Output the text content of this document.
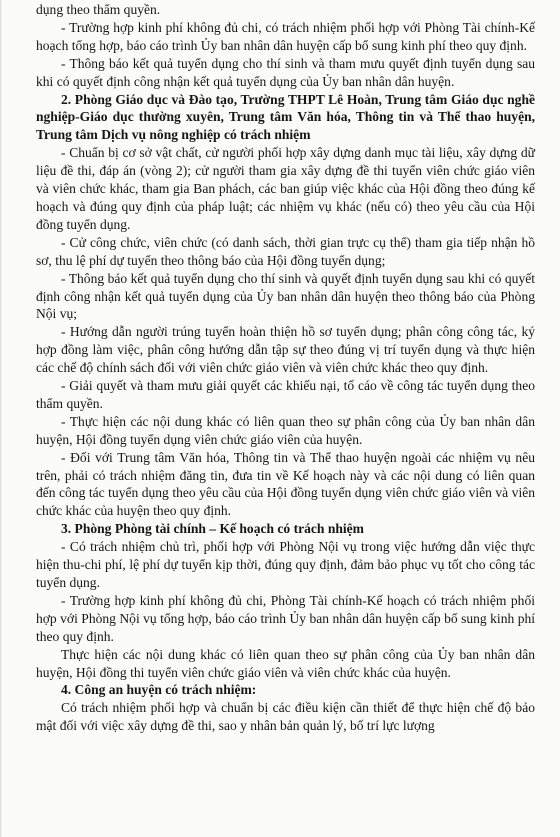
dụng theo thẩm quyền.

- Trường hợp kinh phí không đủ chi, có trách nhiệm phối hợp với Phòng Tài chính-Kế hoạch tổng hợp, báo cáo trình Ủy ban nhân dân huyện cấp bổ sung kinh phí theo quy định.

- Thông báo kết quả tuyển dụng cho thí sinh và tham mưu quyết định tuyển dụng sau khi có quyết định công nhận kết quả tuyển dụng của Ủy ban nhân dân huyện.

2. Phòng Giáo dục và Đào tạo, Trường THPT Lê Hoàn, Trung tâm Giáo dục nghề nghiệp-Giáo dục thường xuyên, Trung tâm Văn hóa, Thông tin và Thể thao huyện, Trung tâm Dịch vụ nông nghiệp có trách nhiệm

- Chuẩn bị cơ sở vật chất, cử người phối hợp xây dựng danh mục tài liệu, xây dựng dữ liệu đề thi, đáp án (vòng 2); cử người tham gia xây dựng đề thi tuyển viên chức giáo viên và viên chức khác, tham gia Ban phách, các ban giúp việc khác của Hội đồng theo đúng kế hoạch và đúng quy định của pháp luật; các nhiệm vụ khác (nếu có) theo yêu cầu của Hội đồng tuyển dụng.

- Cử công chức, viên chức (có danh sách, thời gian trực cụ thể) tham gia tiếp nhận hồ sơ, thu lệ phí dự tuyển theo thông báo của Hội đồng tuyển dụng;

- Thông báo kết quả tuyển dụng cho thí sinh và quyết định tuyển dụng sau khi có quyết định công nhận kết quả tuyển dụng của Ủy ban nhân dân huyện theo thông báo của Phòng Nội vụ;

- Hướng dẫn người trúng tuyển hoàn thiện hồ sơ tuyển dụng; phân công công tác, ký hợp đồng làm việc, phân công hướng dẫn tập sự theo đúng vị trí tuyển dụng và thực hiện các chế độ chính sách đối với viên chức giáo viên và viên chức khác theo quy định.

- Giải quyết và tham mưu giải quyết các khiếu nại, tố cáo về công tác tuyển dụng theo thẩm quyền.

- Thực hiện các nội dung khác có liên quan theo sự phân công của Ủy ban nhân dân huyện, Hội đồng tuyển dụng viên chức giáo viên của huyện.

- Đối với Trung tâm Văn hóa, Thông tin và Thể thao huyện ngoài các nhiệm vụ nêu trên, phải có trách nhiệm đăng tin, đưa tin về Kế hoạch này và các nội dung có liên quan đến công tác tuyển dụng theo yêu cầu của Hội đồng tuyển dụng viên chức giáo viên và viên chức khác của huyện theo quy định.

3. Phòng Phòng tài chính – Kế hoạch có trách nhiệm

- Có trách nhiệm chủ trì, phối hợp với Phòng Nội vụ trong việc hướng dẫn việc thực hiện thu-chi phí, lệ phí dự tuyển kịp thời, đúng quy định, đảm bảo phục vụ tốt cho công tác tuyển dụng.

- Trường hợp kinh phí không đủ chi, Phòng Tài chính-Kế hoạch có trách nhiệm phối hợp với Phòng Nội vụ tổng hợp, báo cáo trình Ủy ban nhân dân huyện cấp bổ sung kinh phí theo quy định.

Thực hiện các nội dung khác có liên quan theo sự phân công của Ủy ban nhân dân huyện, Hội đồng thi tuyển viên chức giáo viên và viên chức khác của huyện.

4. Công an huyện có trách nhiệm:

Có trách nhiệm phối hợp và chuẩn bị các điều kiện cần thiết để thực hiện chế độ bảo mật đối với việc xây dựng đề thi, sao y nhân bản quản lý, bố trí lực lượng
